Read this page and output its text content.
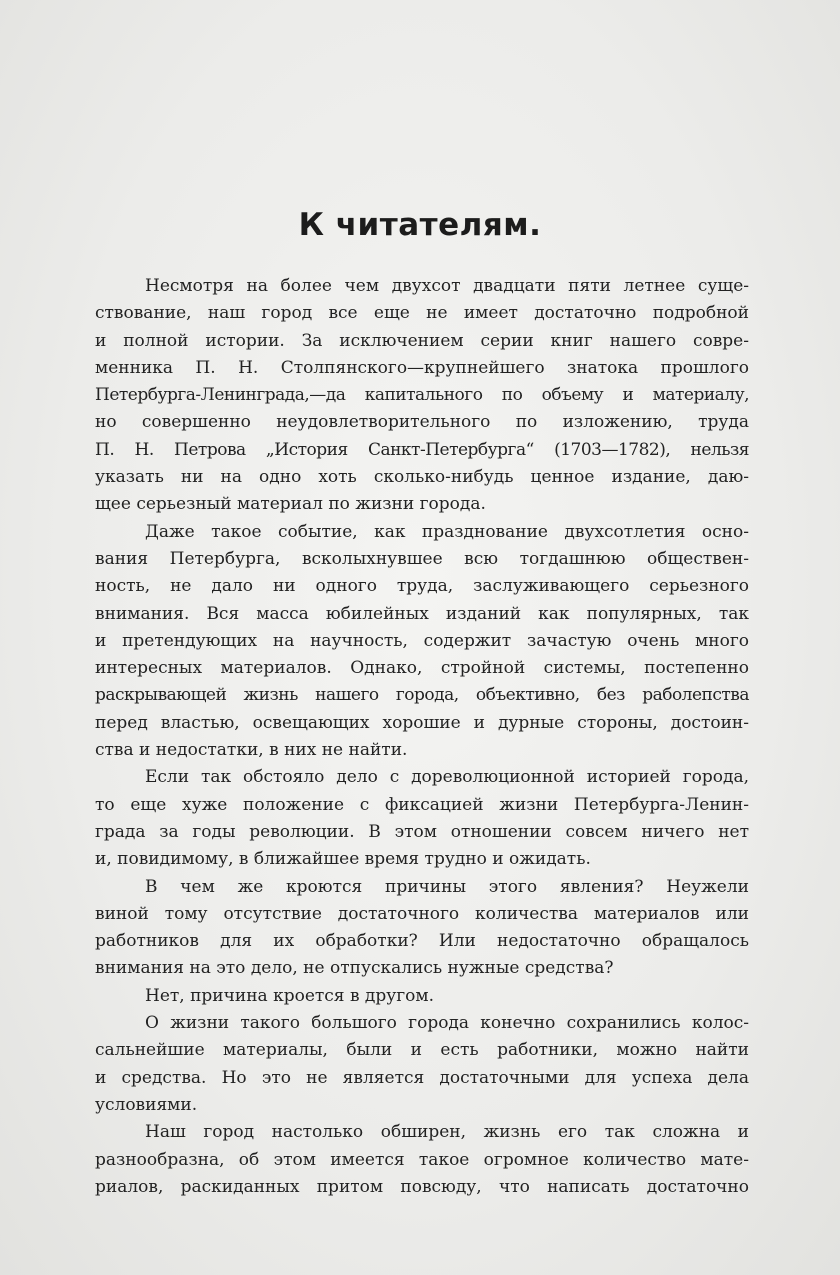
К читателям.
Несмотря на более чем двухсот двадцати пяти летнее суще-
ствование, наш город все еще не имеет достаточно подробной
и полной истории. За исключением серии книг нашего совре-
менника П. Н. Столпянского—крупнейшего знатока прошлого
Петербурга-Ленинграда,—да капитального по объему и материалу,
но совершенно неудовлетворительного по изложению, труда
П. Н. Петрова „История Санкт-Петербурга“ (1703—1782), нельзя
указать ни на одно хоть сколько-нибудь ценное издание, даю-
щее серьезный материал по жизни города.
Даже такое событие, как празднование двухсотлетия осно-
вания Петербурга, всколыхнувшее всю тогдашнюю обществен-
ность, не дало ни одного труда, заслуживающего серьезного
внимания. Вся масса юбилейных изданий как популярных, так
и претендующих на научность, содержит зачастую очень много
интересных материалов. Однако, стройной системы, постепенно
раскрывающей жизнь нашего города, объективно, без раболепства
перед властью, освещающих хорошие и дурные стороны, достоин-
ства и недостатки, в них не найти.
Если так обстояло дело с дореволюционной историей города,
то еще хуже положение с фиксацией жизни Петербурга-Ленин-
града за годы революции. В этом отношении совсем ничего нет
и, повидимому, в ближайшее время трудно и ожидать.
В чем же кроются причины этого явления? Неужели
виной тому отсутствие достаточного количества материалов или
работников для их обработки? Или недостаточно обращалось
внимания на это дело, не отпускались нужные средства?
Нет, причина кроется в другом.
О жизни такого большого города конечно сохранились колос-
сальнейшие материалы, были и есть работники, можно найти
и средства. Но это не является достаточными для успеха дела
условиями.
Наш город настолько обширен, жизнь его так сложна и
разнообразна, об этом имеется такое огромное количество мате-
риалов, раскиданных притом повсюду, что написать достаточно
